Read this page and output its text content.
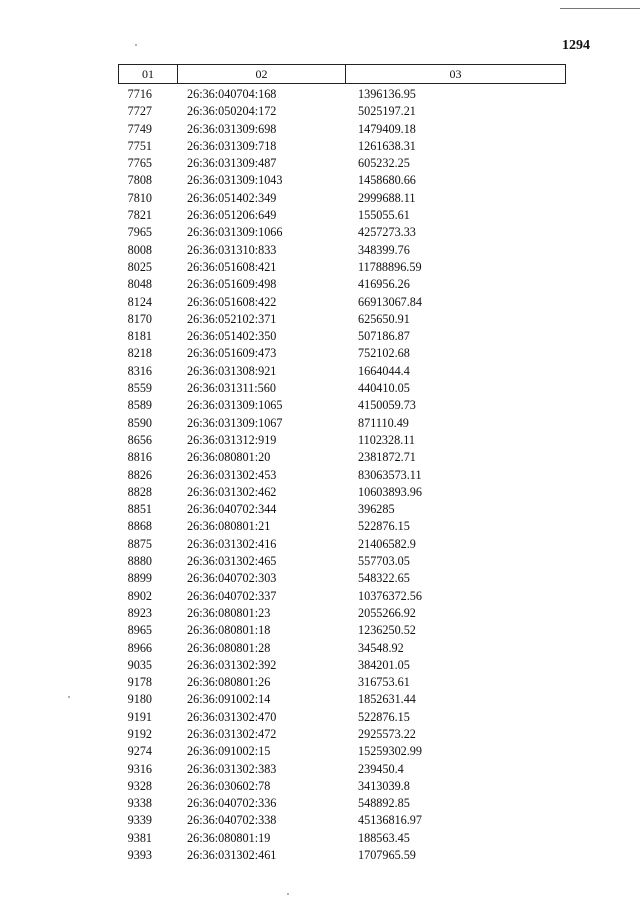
1294
01	02	03
7716	26:36:040704:168	1396136.95
7727	26:36:050204:172	5025197.21
7749	26:36:031309:698	1479409.18
7751	26:36:031309:718	1261638.31
7765	26:36:031309:487	605232.25
7808	26:36:031309:1043	1458680.66
7810	26:36:051402:349	2999688.11
7821	26:36:051206:649	155055.61
7965	26:36:031309:1066	4257273.33
8008	26:36:031310:833	348399.76
8025	26:36:051608:421	11788896.59
8048	26:36:051609:498	416956.26
8124	26:36:051608:422	66913067.84
8170	26:36:052102:371	625650.91
8181	26:36:051402:350	507186.87
8218	26:36:051609:473	752102.68
8316	26:36:031308:921	1664044.4
8559	26:36:031311:560	440410.05
8589	26:36:031309:1065	4150059.73
8590	26:36:031309:1067	871110.49
8656	26:36:031312:919	1102328.11
8816	26:36:080801:20	2381872.71
8826	26:36:031302:453	83063573.11
8828	26:36:031302:462	10603893.96
8851	26:36:040702:344	396285
8868	26:36:080801:21	522876.15
8875	26:36:031302:416	21406582.9
8880	26:36:031302:465	557703.05
8899	26:36:040702:303	548322.65
8902	26:36:040702:337	10376372.56
8923	26:36:080801:23	2055266.92
8965	26:36:080801:18	1236250.52
8966	26:36:080801:28	34548.92
9035	26:36:031302:392	384201.05
9178	26:36:080801:26	316753.61
9180	26:36:091002:14	1852631.44
9191	26:36:031302:470	522876.15
9192	26:36:031302:472	2925573.22
9274	26:36:091002:15	15259302.99
9316	26:36:031302:383	239450.4
9328	26:36:030602:78	3413039.8
9338	26:36:040702:336	548892.85
9339	26:36:040702:338	45136816.97
9381	26:36:080801:19	188563.45
9393	26:36:031302:461	1707965.59
